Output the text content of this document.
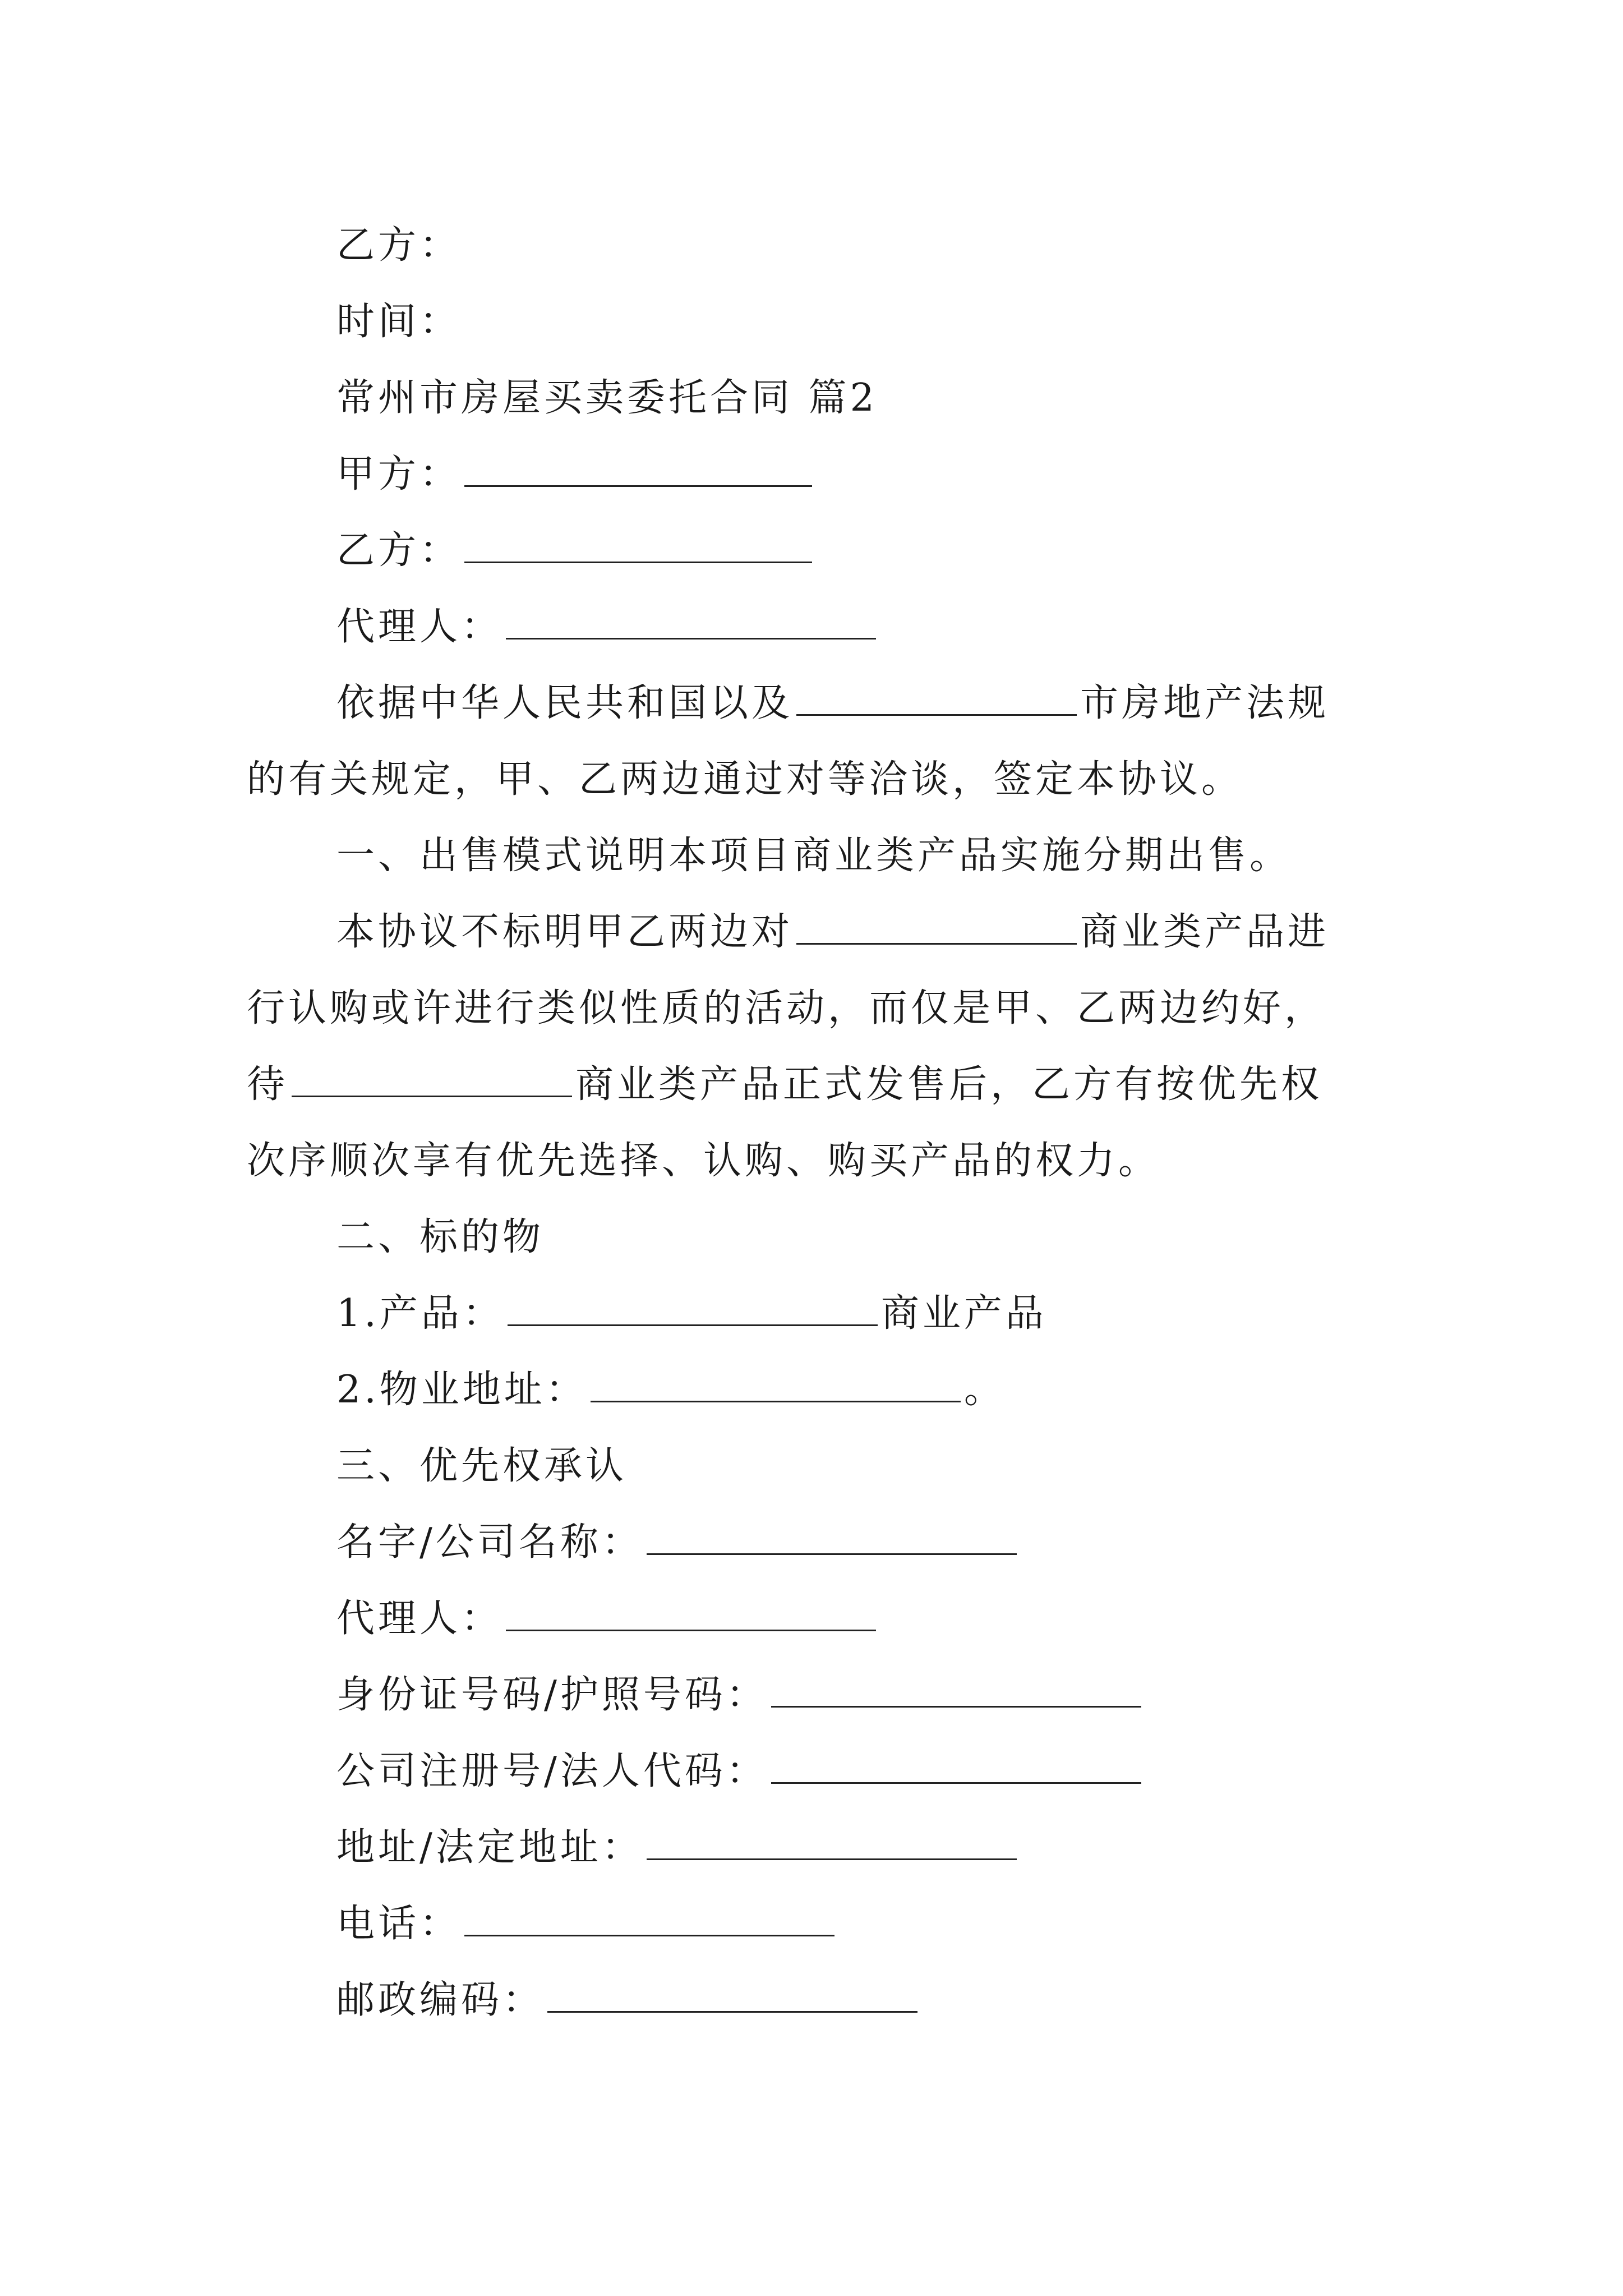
乙方：
时间：
常州市房屋买卖委托合同 篇2
甲方：
乙方：
代理人：
依据中华人民共和国以及	市房地产法规
的有关规定，甲、乙两边通过对等洽谈，签定本协议。
一、出售模式说明本项目商业类产品实施分期出售。
本协议不标明甲乙两边对	商业类产品进
行认购或许进行类似性质的活动，而仅是甲、乙两边约好，
待	商业类产品正式发售后，乙方有按优先权
次序顺次享有优先选择、认购、购买产品的权力。
二、标的物
1.产品：	商业产品
2.物业地址：	。
三、优先权承认
名字/公司名称：
代理人：
身份证号码/护照号码：
公司注册号/法人代码：
地址/法定地址：
电话：
邮政编码：
